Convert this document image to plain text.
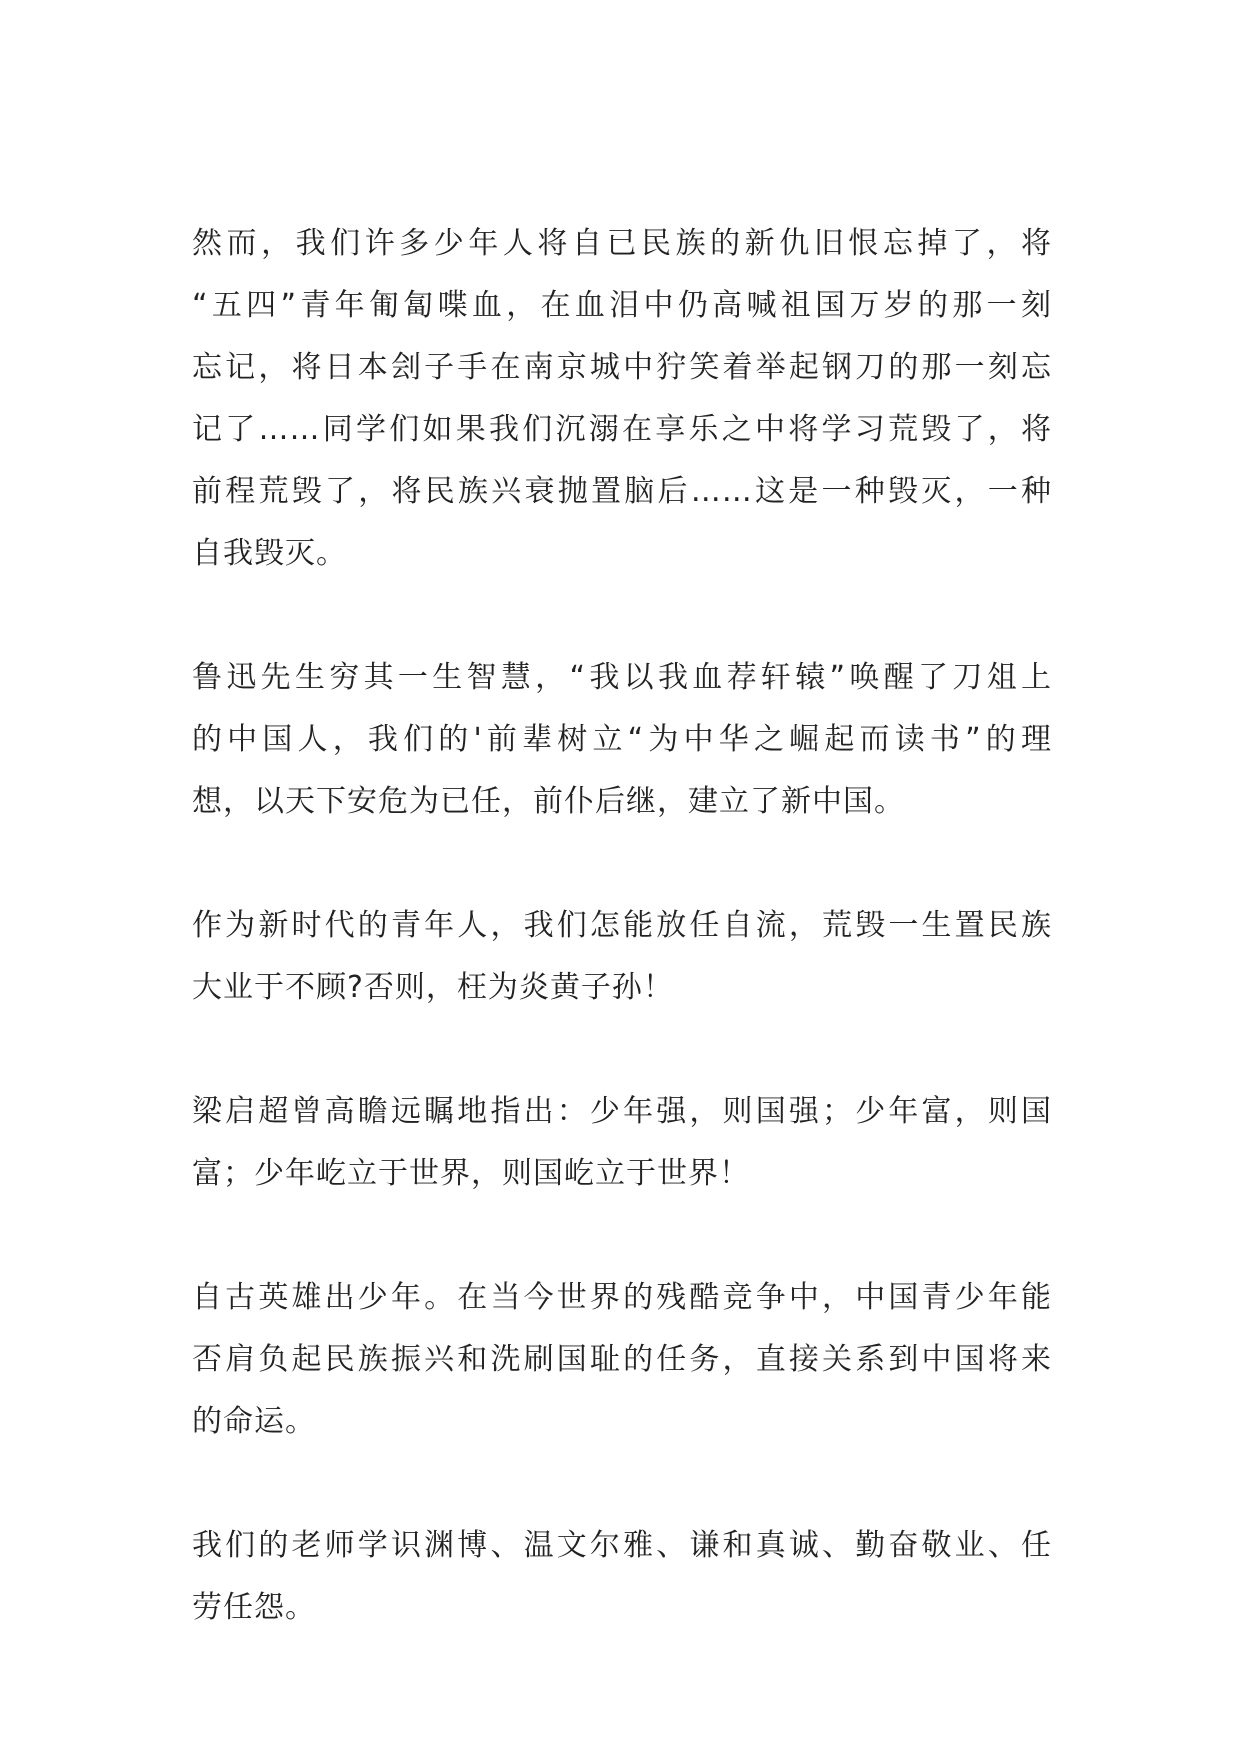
然而，我们许多少年人将自已民族的新仇旧恨忘掉了，将
“五四”青年匍匐喋血，在血泪中仍高喊祖国万岁的那一刻
忘记，将日本刽子手在南京城中狞笑着举起钢刀的那一刻忘
记了……同学们如果我们沉溺在享乐之中将学习荒毁了，将
前程荒毁了，将民族兴衰抛置脑后……这是一种毁灭，一种
自我毁灭。

鲁迅先生穷其一生智慧，“我以我血荐轩辕”唤醒了刀俎上
的中国人，我们的'前辈树立“为中华之崛起而读书”的理
想，以天下安危为已任，前仆后继，建立了新中国。

作为新时代的青年人，我们怎能放任自流，荒毁一生置民族
大业于不顾?否则，枉为炎黄子孙！

梁启超曾高瞻远瞩地指出：少年强，则国强；少年富，则国
富；少年屹立于世界，则国屹立于世界！

自古英雄出少年。在当今世界的残酷竞争中，中国青少年能
否肩负起民族振兴和洗刷国耻的任务，直接关系到中国将来
的命运。

我们的老师学识渊博、温文尔雅、谦和真诚、勤奋敬业、任
劳任怨。
